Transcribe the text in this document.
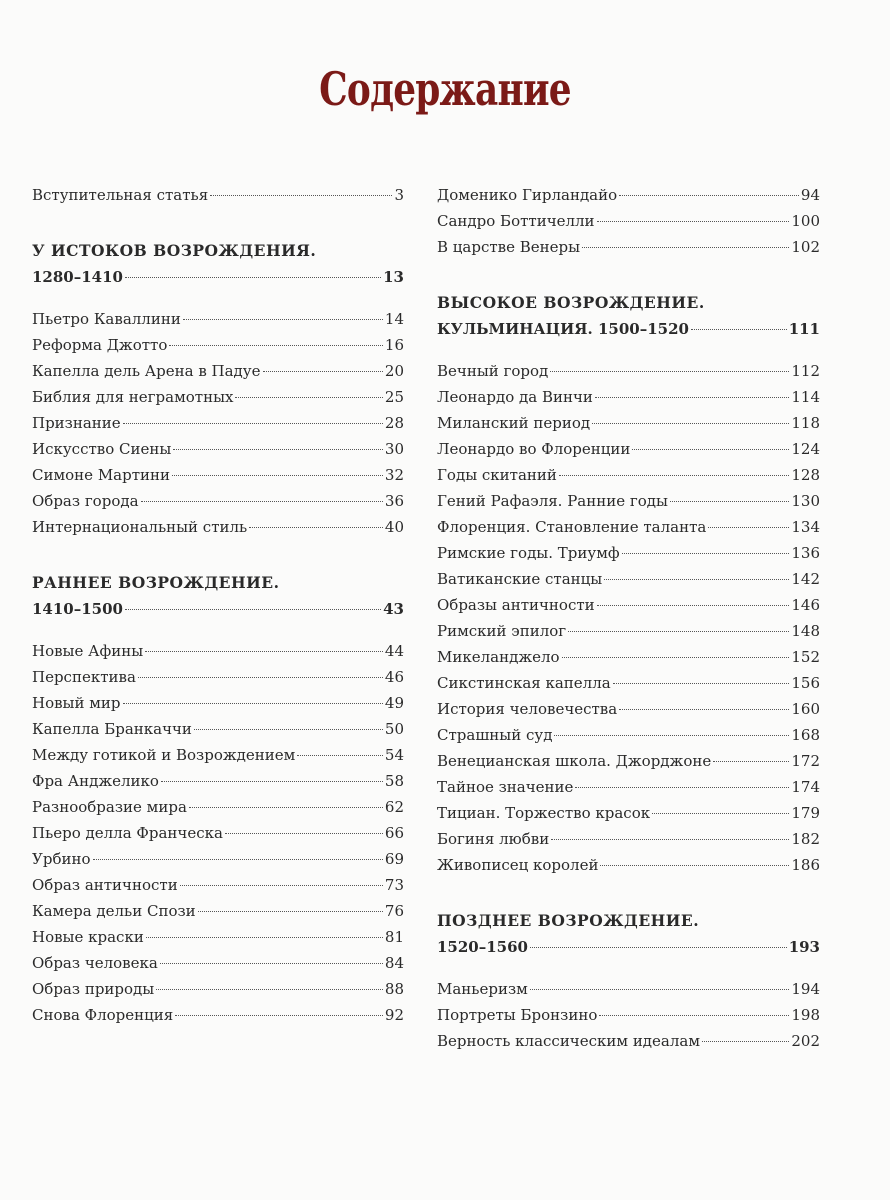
Содержание
Вступительная статья	3
У ИСТОКОВ ВОЗРОЖДЕНИЯ.
1280–1410	13
Пьетро Каваллини	14
Реформа Джотто	16
Капелла дель Арена в Падуе	20
Библия для неграмотных	25
Признание	28
Искусство Сиены	30
Симоне Мартини	32
Образ города	36
Интернациональный стиль	40
РАННЕЕ ВОЗРОЖДЕНИЕ.
1410–1500	43
Новые Афины	44
Перспектива	46
Новый мир	49
Капелла Бранкаччи	50
Между готикой и Возрождением	54
Фра Анджелико	58
Разнообразие мира	62
Пьеро делла Франческа	66
Урбино	69
Образ античности	73
Камера дельи Спози	76
Новые краски	81
Образ человека	84
Образ природы	88
Снова Флоренция	92
Доменико Гирландайо	94
Сандро Боттичелли	100
В царстве Венеры	102
ВЫСОКОЕ ВОЗРОЖДЕНИЕ.
КУЛЬМИНАЦИЯ. 1500–1520	111
Вечный город	112
Леонардо да Винчи	114
Миланский период	118
Леонардо во Флоренции	124
Годы скитаний	128
Гений Рафаэля. Ранние годы	130
Флоренция. Становление таланта	134
Римские годы. Триумф	136
Ватиканские станцы	142
Образы античности	146
Римский эпилог	148
Микеланджело	152
Сикстинская капелла	156
История человечества	160
Страшный суд	168
Венецианская школа. Джорджоне	172
Тайное значение	174
Тициан. Торжество красок	179
Богиня любви	182
Живописец королей	186
ПОЗДНЕЕ ВОЗРОЖДЕНИЕ.
1520–1560	193
Маньеризм	194
Портреты Бронзино	198
Верность классическим идеалам	202
